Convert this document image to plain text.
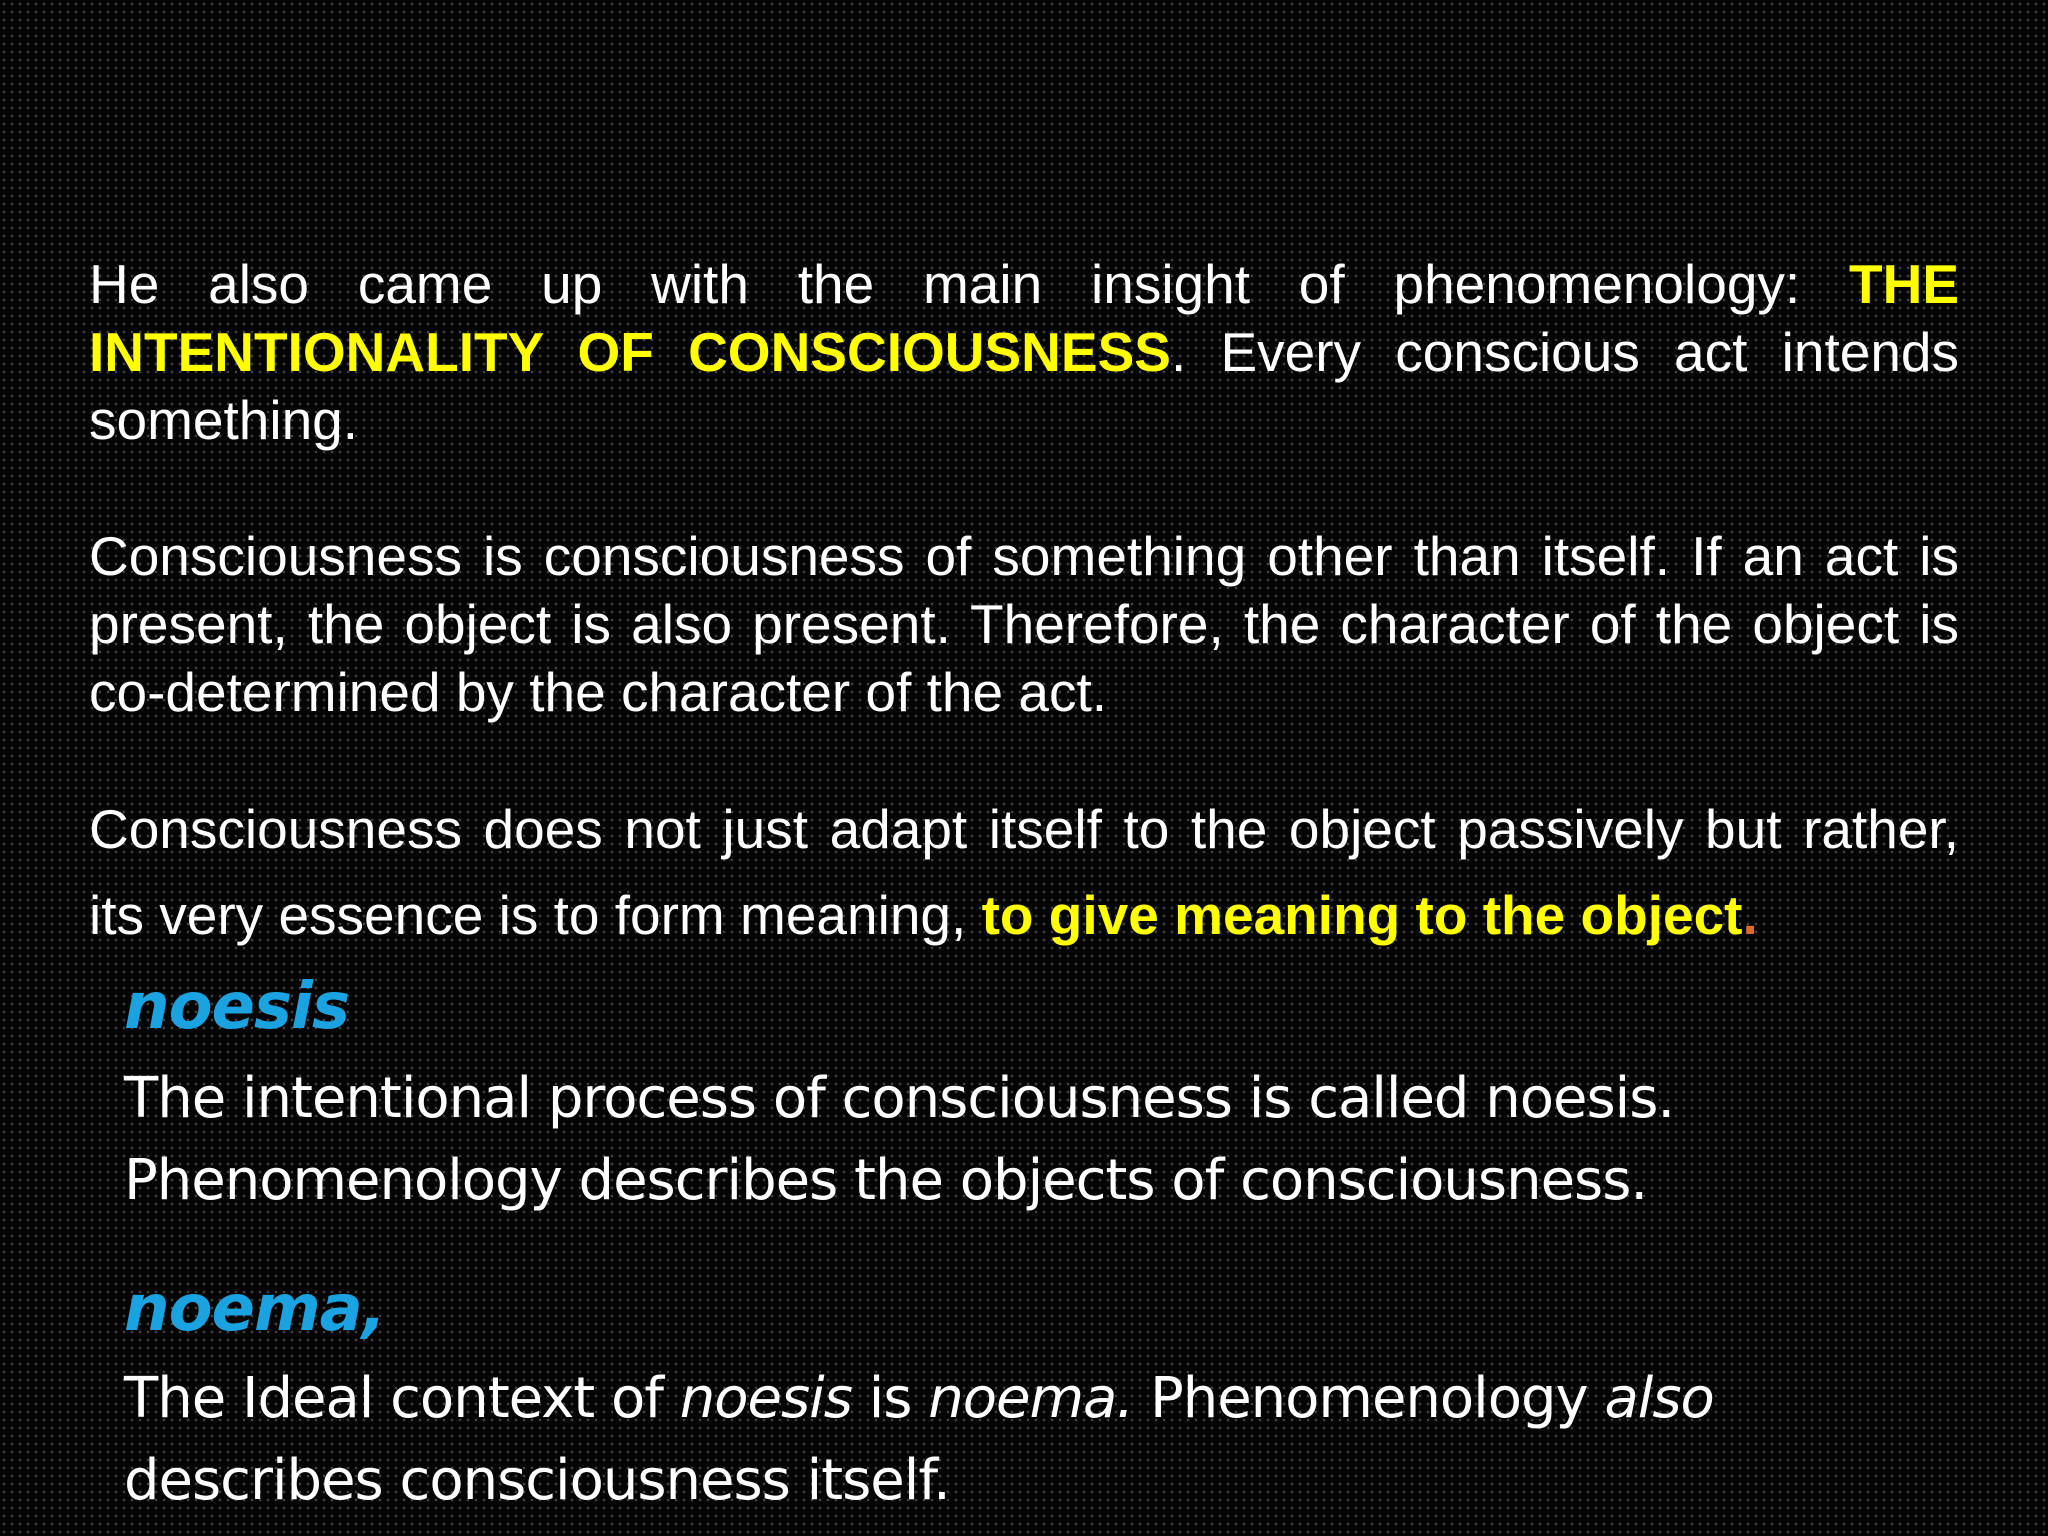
He also came up with the main insight of phenomenology: THE INTENTIONALITY OF CONSCIOUSNESS. Every conscious act intends something.

Consciousness is consciousness of something other than itself. If an act is present, the object is also present. Therefore, the character of the object is co-determined by the character of the act.

Consciousness does not just adapt itself to the object passively but rather, its very essence is to form meaning, to give meaning to the object.

noesis

The intentional process of consciousness is called noesis.
Phenomenology describes the objects of consciousness.

noema,

The Ideal context of noesis is noema. Phenomenology also
describes consciousness itself.
